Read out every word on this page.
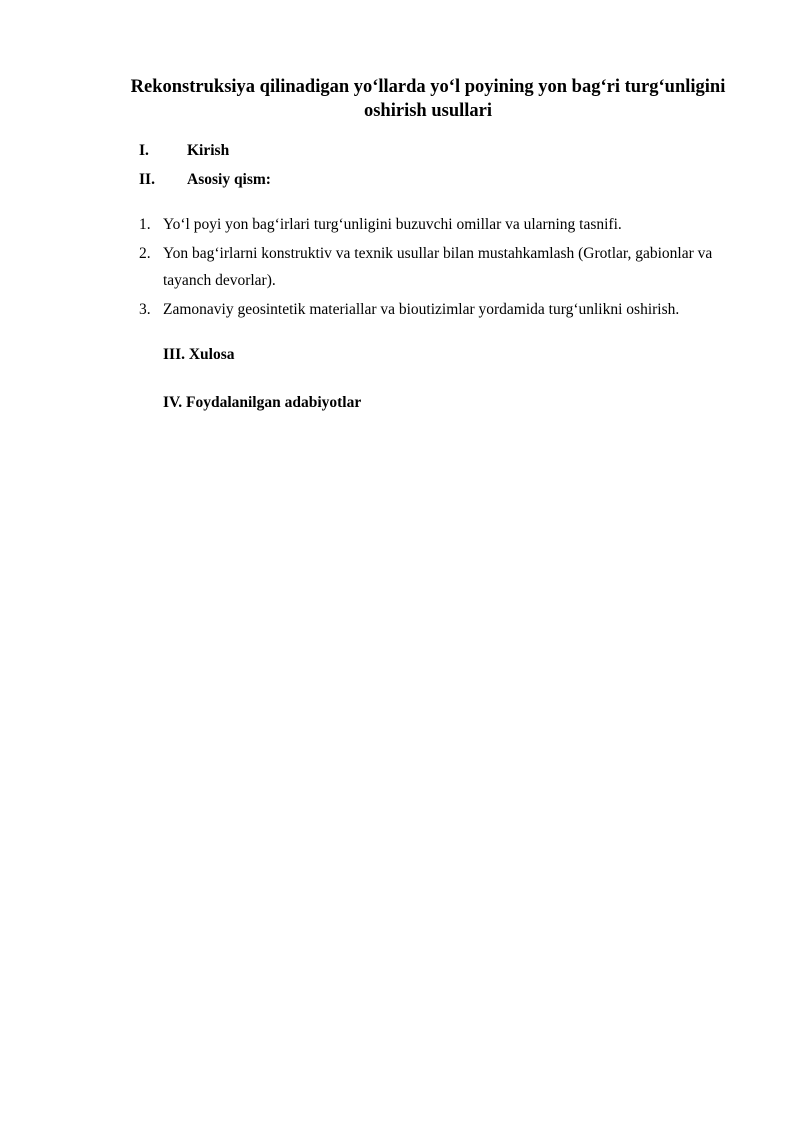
Rekonstruksiya qilinadigan yo‘llarda yo‘l poyining yon bag‘ri turg‘unligini oshirish usullari
I. Kirish
II. Asosiy qism:
1. Yo‘l poyi yon bag‘irlari turg‘unligini buzuvchi omillar va ularning tasnifi.
2. Yon bag‘irlarni konstruktiv va texnik usullar bilan mustahkamlash (Grotlar, gabionlar va tayanch devorlar).
3. Zamonaviy geosintetik materiallar va bioutizimlar yordamida turg‘unlikni oshirish.
III. Xulosa
IV. Foydalanilgan adabiyotlar
